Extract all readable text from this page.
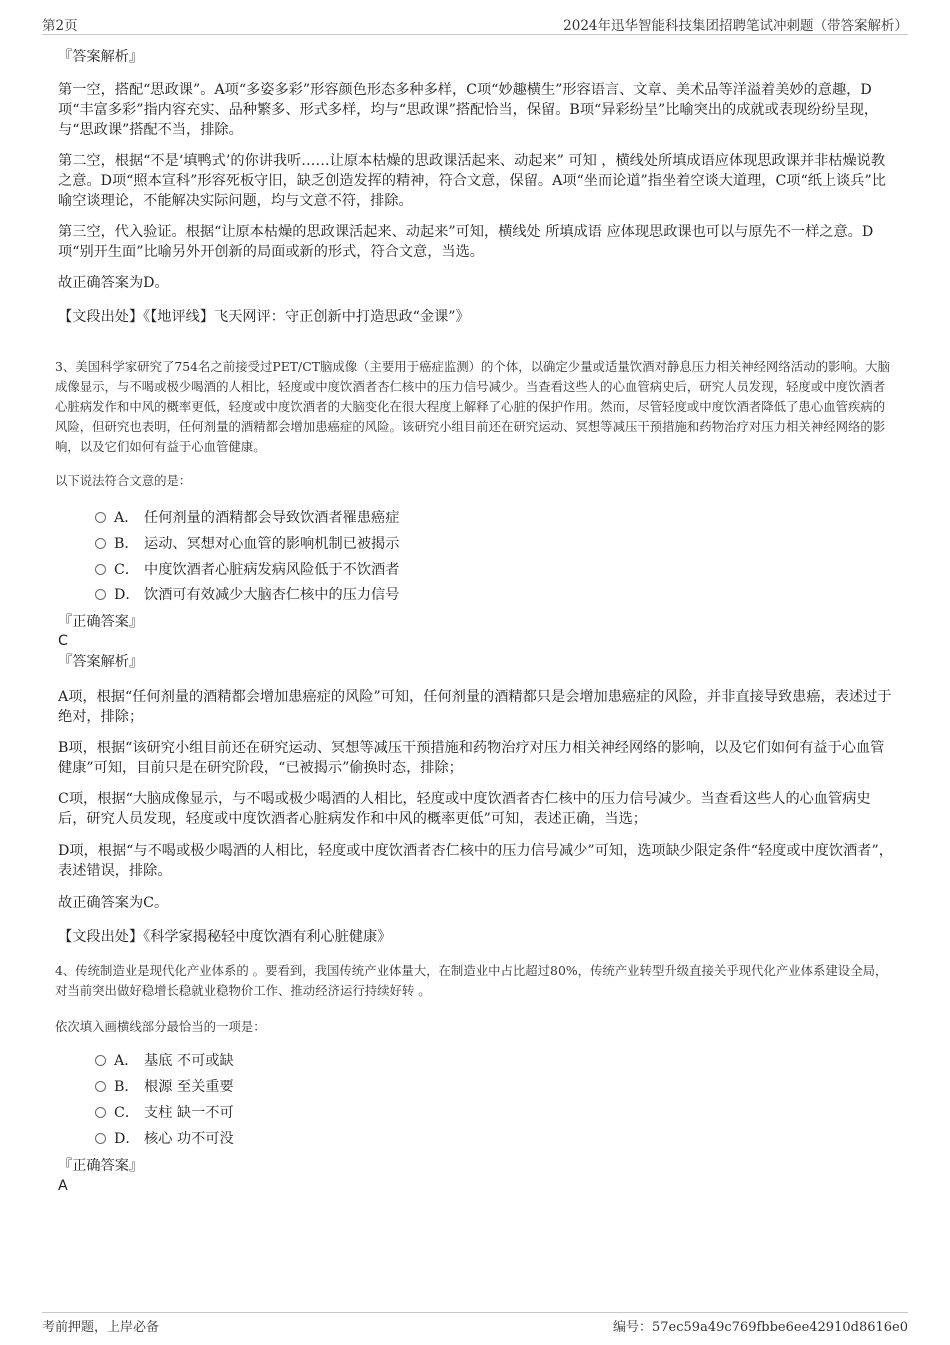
第2页	2024年迅华智能科技集团招聘笔试冲刺题（带答案解析）
『答案解析』
第一空，搭配“思政课”。A项“多姿多彩”形容颜色形态多种多样，C项“妙趣横生”形容语言、文章、美术品等洋溢着美妙的意趣，D项“丰富多彩”指内容充实、品种繁多、形式多样，均与“思政课”搭配恰当，保留。B项“异彩纷呈”比喻突出的成就或表现纷纷呈现，与“思政课”搭配不当，排除。
第二空，根据“不是‘填鸭式’的你讲我听……让原本枯燥的思政课活起来、动起来” 可知 ，横线处所填成语应体现思政课并非枯燥说教之意。D项“照本宣科”形容死板守旧，缺乏创造发挥的精神，符合文意，保留。A项“坐而论道”指坐着空谈大道理，C项“纸上谈兵”比喻空谈理论，不能解决实际问题，均与文意不符，排除。
第三空，代入验证。根据“让原本枯燥的思政课活起来、动起来”可知，横线处 所填成语 应体现思政课也可以与原先不一样之意。D项“别开生面”比喻另外开创新的局面或新的形式，符合文意，当选。
故正确答案为D。
【文段出处】《【地评线】飞天网评：守正创新中打造思政“金课”》
3、美国科学家研究了754名之前接受过PET/CT脑成像（主要用于癌症监测）的个体，以确定少量或适量饮酒对静息压力相关神经网络活动的影响。大脑成像显示，与不喝或极少喝酒的人相比，轻度或中度饮酒者杏仁核中的压力信号减少。当查看这些人的心血管病史后，研究人员发现，轻度或中度饮酒者心脏病发作和中风的概率更低，轻度或中度饮酒者的大脑变化在很大程度上解释了心脏的保护作用。然而，尽管轻度或中度饮酒者降低了患心血管疾病的风险，但研究也表明，任何剂量的酒精都会增加患癌症的风险。该研究小组目前还在研究运动、冥想等减压干预措施和药物治疗对压力相关神经网络的影响，以及它们如何有益于心血管健康。
以下说法符合文意的是：
A． 任何剂量的酒精都会导致饮酒者罹患癌症
B． 运动、冥想对心血管的影响机制已被揭示
C． 中度饮酒者心脏病发病风险低于不饮酒者
D． 饮酒可有效减少大脑杏仁核中的压力信号
『正确答案』
C
『答案解析』
A项，根据“任何剂量的酒精都会增加患癌症的风险”可知，任何剂量的酒精都只是会增加患癌症的风险，并非直接导致患癌，表述过于绝对，排除；
B项，根据“该研究小组目前还在研究运动、冥想等减压干预措施和药物治疗对压力相关神经网络的影响，以及它们如何有益于心血管健康”可知，目前只是在研究阶段，“已被揭示”偷换时态，排除；
C项，根据“大脑成像显示，与不喝或极少喝酒的人相比，轻度或中度饮酒者杏仁核中的压力信号减少。当查看这些人的心血管病史后，研究人员发现，轻度或中度饮酒者心脏病发作和中风的概率更低”可知，表述正确，当选；
D项，根据“与不喝或极少喝酒的人相比，轻度或中度饮酒者杏仁核中的压力信号减少”可知，选项缺少限定条件“轻度或中度饮酒者”，表述错误，排除。
故正确答案为C。
【文段出处】《科学家揭秘轻中度饮酒有利心脏健康》
4、传统制造业是现代化产业体系的 。要看到，我国传统产业体量大，在制造业中占比超过80%，传统产业转型升级直接关乎现代化产业体系建设全局，对当前突出做好稳增长稳就业稳物价工作、推动经济运行持续好转 。
依次填入画横线部分最恰当的一项是：
A． 基底 不可或缺
B． 根源 至关重要
C． 支柱 缺一不可
D． 核心 功不可没
『正确答案』
A
考前押题，上岸必备	编号：57ec59a49c769fbbe6ee42910d8616e0
